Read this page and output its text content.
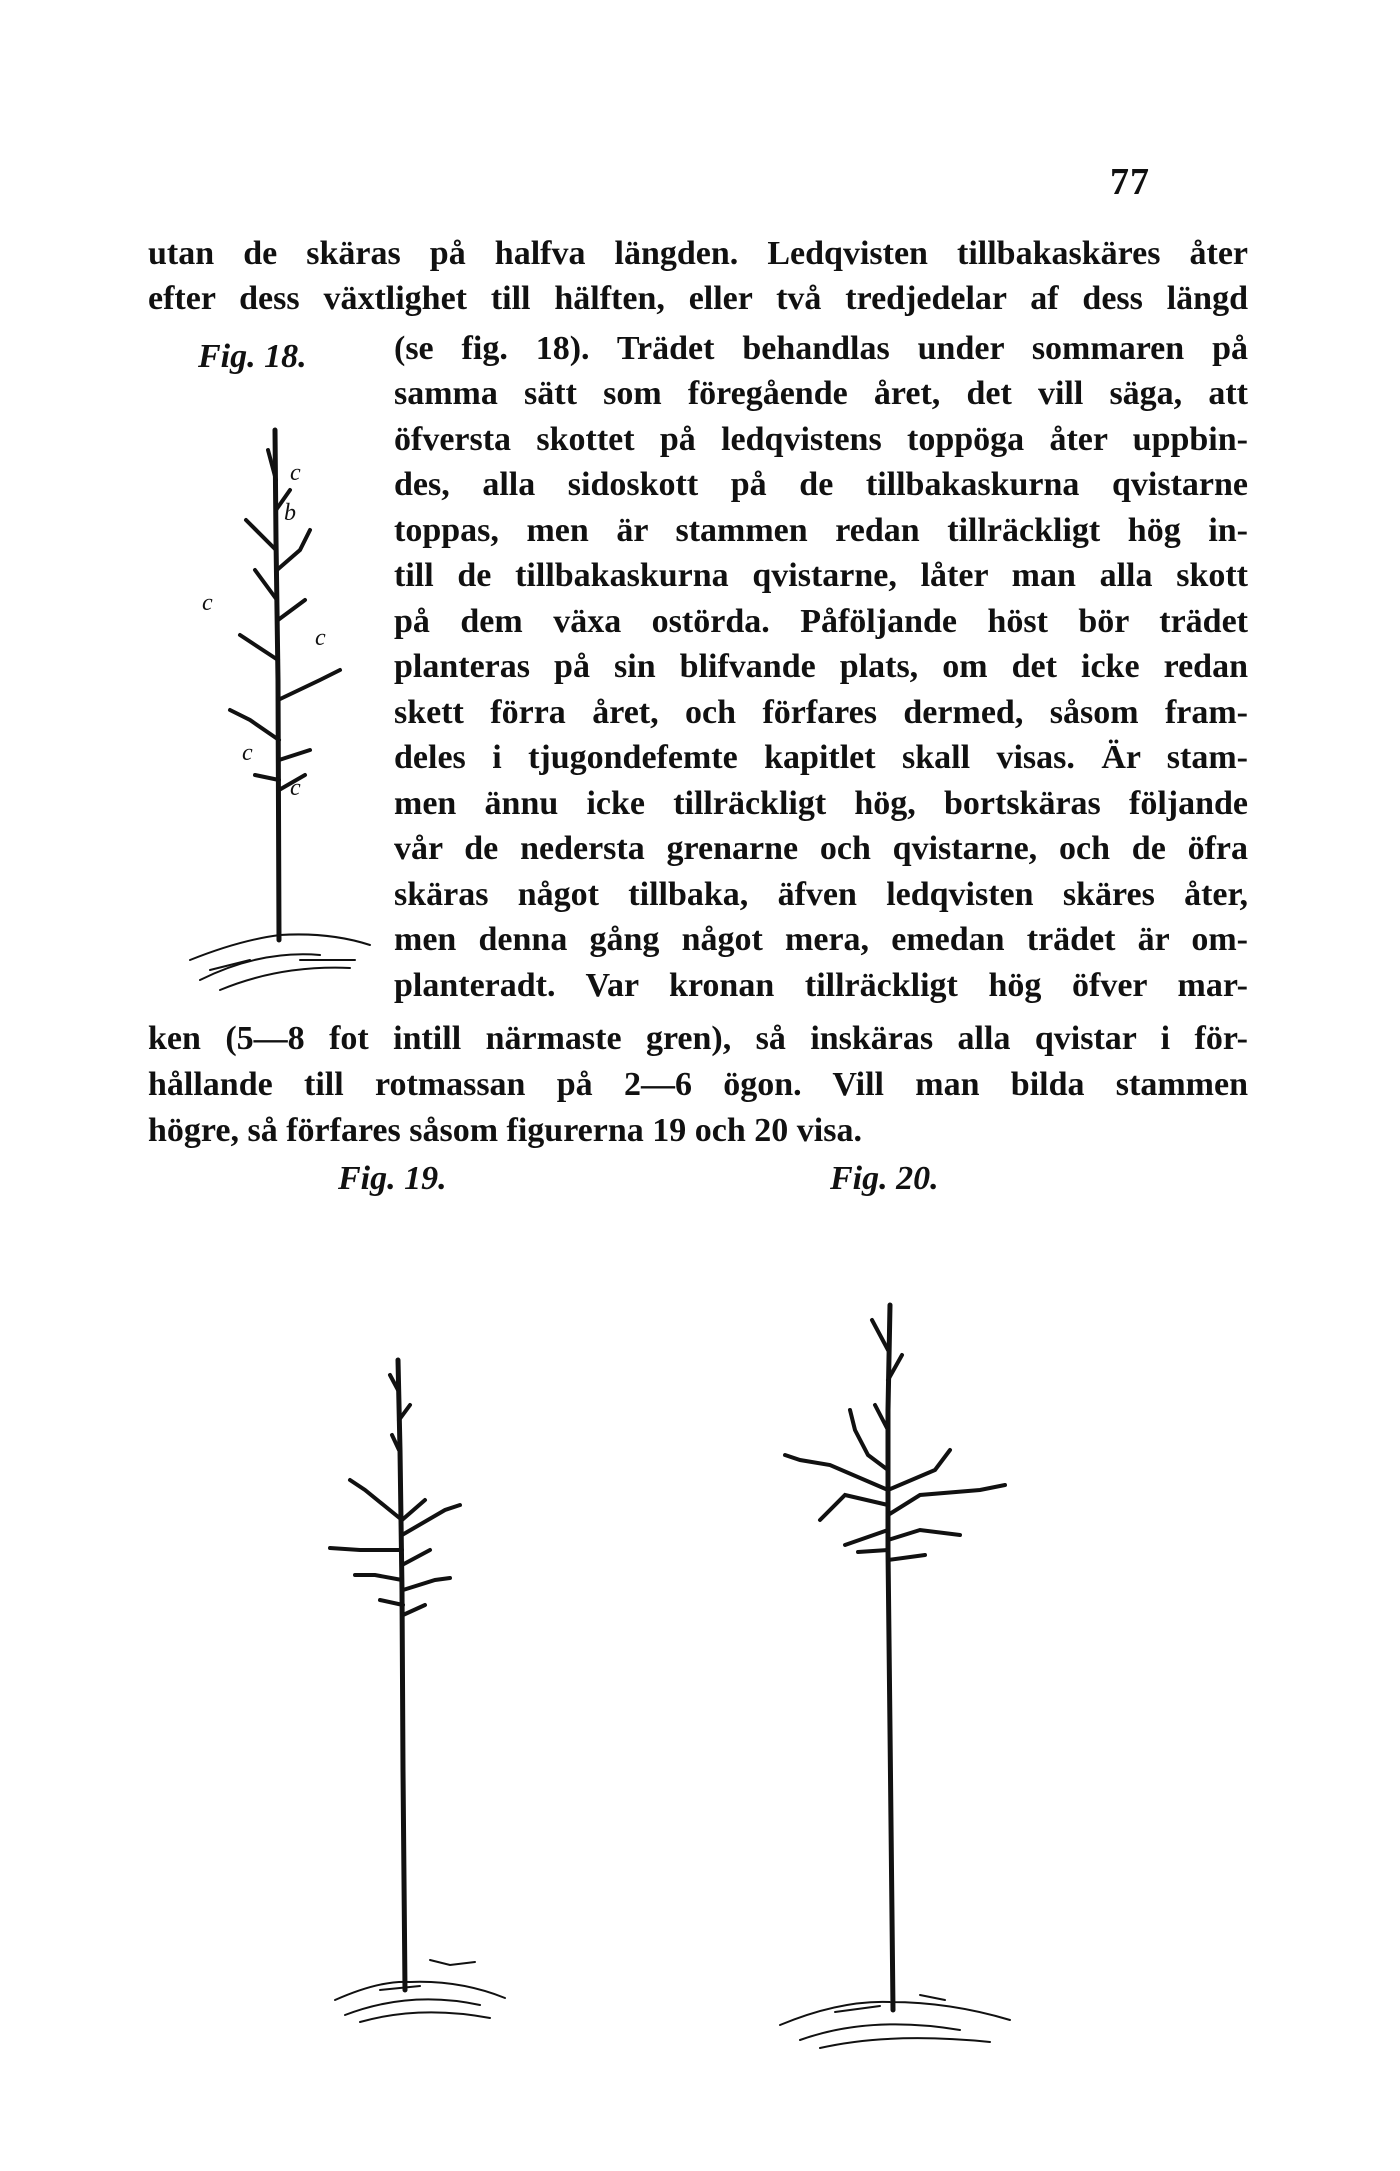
77
utan de skäras på halfva längden. Ledqvisten tillbakaskäres åter
efter dess växtlighet till hälften, eller två tredjedelar af dess längd
(se fig. 18). Trädet behandlas under sommaren på
samma sätt som föregående året, det vill säga, att
öfversta skottet på ledqvistens toppöga åter uppbin-
des, alla sidoskott på de tillbakaskurna qvistarne
toppas, men är stammen redan tillräckligt hög in-
till de tillbakaskurna qvistarne, låter man alla skott
på dem växa ostörda. Påföljande höst bör trädet
planteras på sin blifvande plats, om det icke redan
skett förra året, och förfares dermed, såsom fram-
deles i tjugondefemte kapitlet skall visas. Är stam-
men ännu icke tillräckligt hög, bortskäras följande
vår de nedersta grenarne och qvistarne, och de öfra
skäras något tillbaka, äfven ledqvisten skäres åter,
men denna gång något mera, emedan trädet är om-
planteradt. Var kronan tillräckligt hög öfver mar-
ken (5—8 fot intill närmaste gren), så inskäras alla qvistar i för-
hållande till rotmassan på 2—6 ögon. Vill man bilda stammen
högre, så förfares såsom figurerna 19 och 20 visa.
Fig. 18.
c
b
c
c
c
c
Fig. 19.	Fig. 20.
